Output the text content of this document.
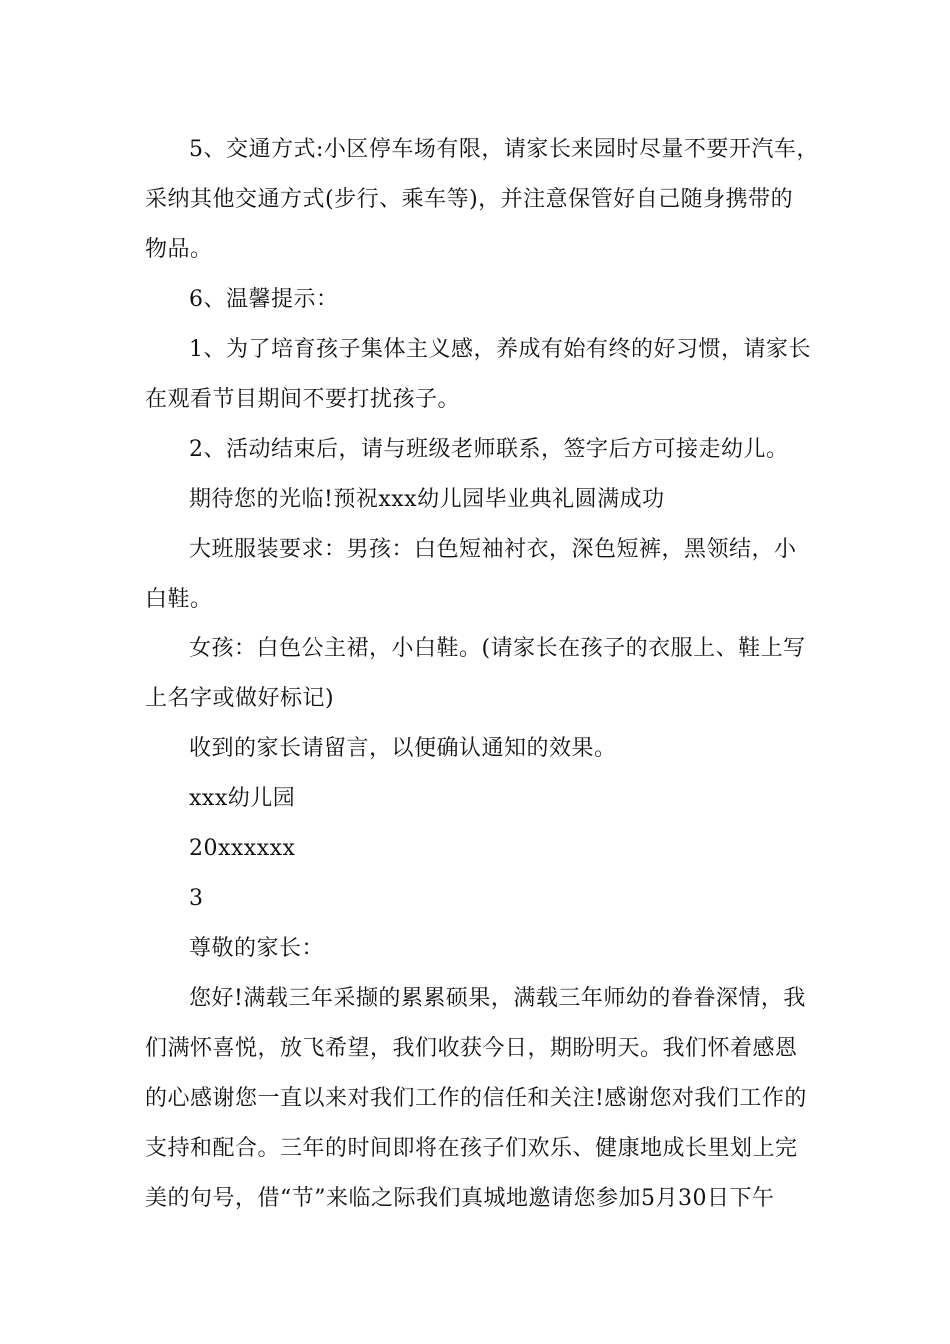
5、交通方式:小区停车场有限，请家长来园时尽量不要开汽车，
采纳其他交通方式(步行、乘车等)，并注意保管好自己随身携带的
物品。
6、温馨提示：
1、为了培育孩子集体主义感，养成有始有终的好习惯，请家长
在观看节目期间不要打扰孩子。
2、活动结束后，请与班级老师联系，签字后方可接走幼儿。
期待您的光临!预祝xxx幼儿园毕业典礼圆满成功
大班服装要求：男孩：白色短袖衬衣，深色短裤，黑领结，小
白鞋。
女孩：白色公主裙，小白鞋。(请家长在孩子的衣服上、鞋上写
上名字或做好标记)
收到的家长请留言，以便确认通知的效果。
xxx幼儿园
20xxxxxx
3
尊敬的家长：
您好!满载三年采撷的累累硕果，满载三年师幼的眷眷深情，我
们满怀喜悦，放飞希望，我们收获今日，期盼明天。我们怀着感恩
的心感谢您一直以来对我们工作的信任和关注!感谢您对我们工作的
支持和配合。三年的时间即将在孩子们欢乐、健康地成长里划上完
美的句号，借“节”来临之际我们真城地邀请您参加5月30日下午
